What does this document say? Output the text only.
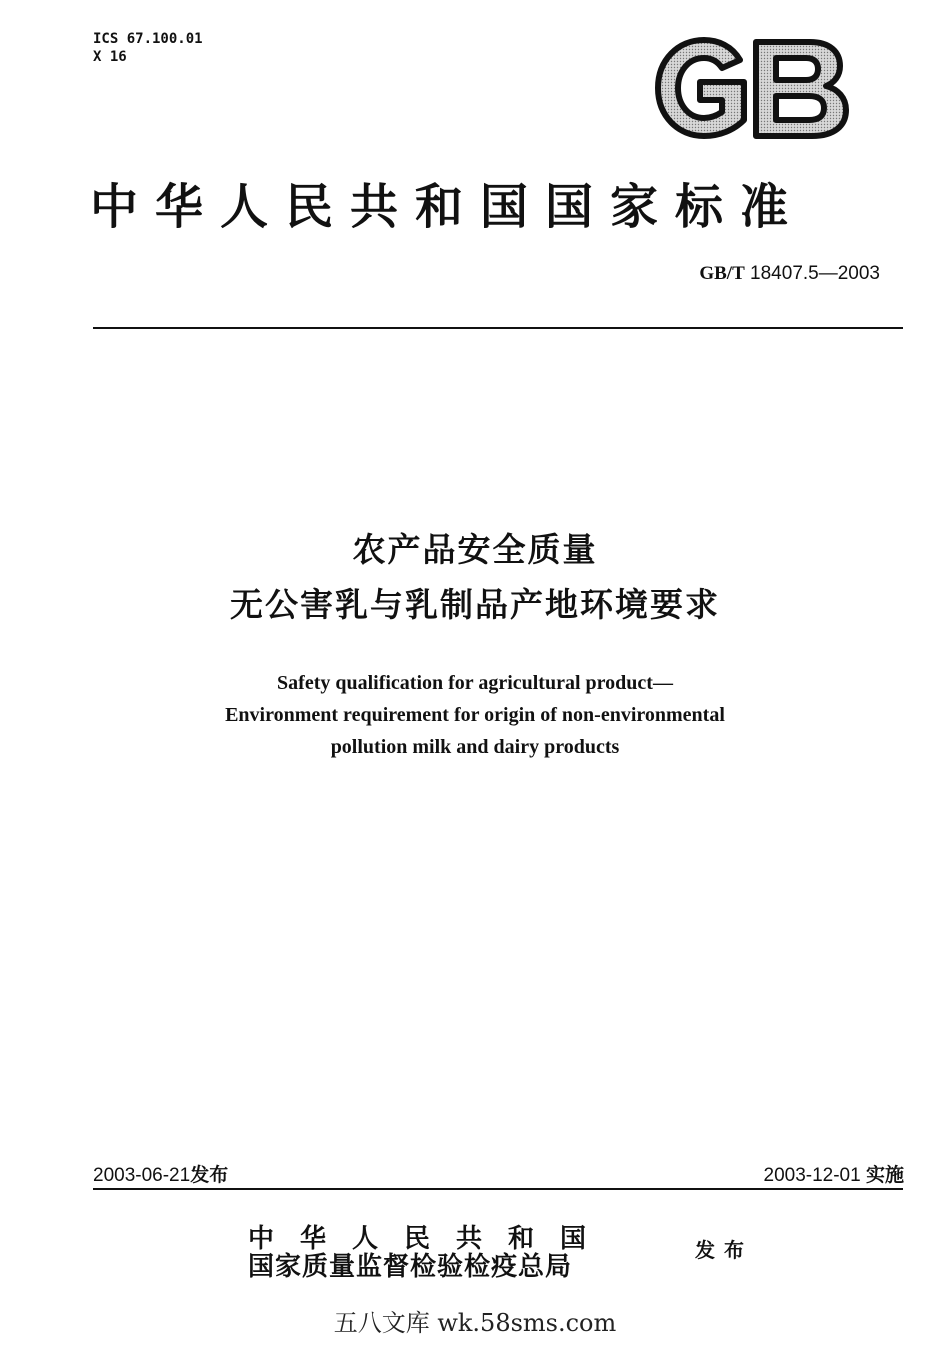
ICS 67.100.01
X 16
中华人民共和国国家标准
GB/T 18407.5—2003
农产品安全质量
无公害乳与乳制品产地环境要求
Safety qualification for agricultural product—
Environment requirement for origin of non-environmental
pollution milk and dairy products
2003-06-21发布	2003-12-01 实施
中华人民共和国
国家质量监督检验检疫总局
发布
五八文库 wk.58sms.com
